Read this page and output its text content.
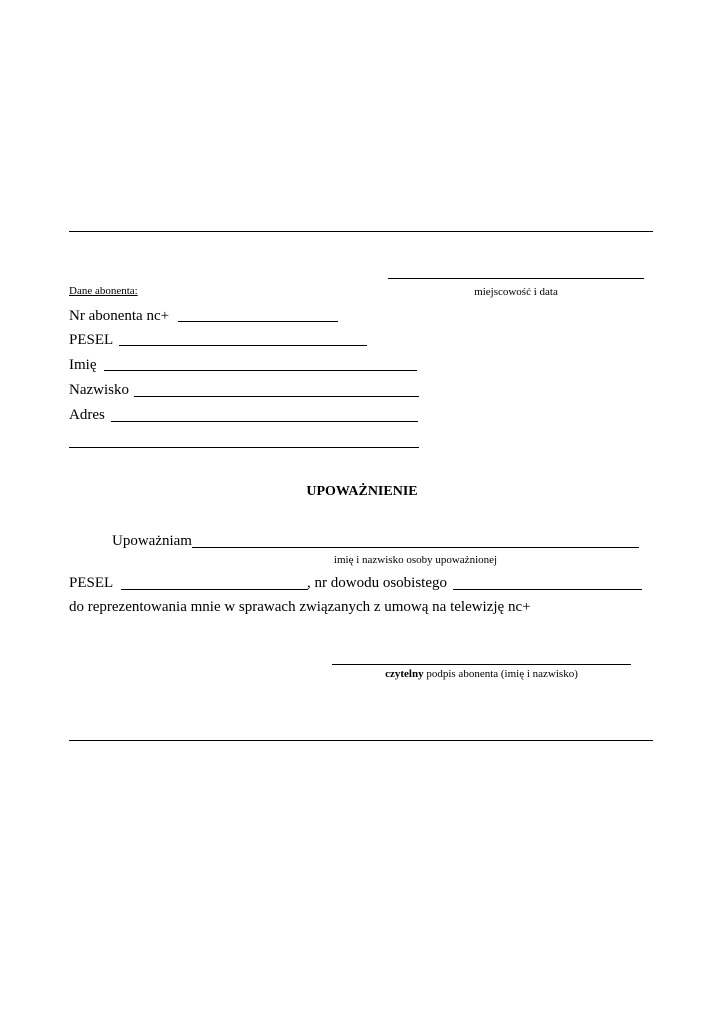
miejscowość i data
Dane abonenta:
Nr abonenta nc+
PESEL
Imię
Nazwisko
Adres
UPOWAŻNIENIE
Upoważniam
imię i nazwisko osoby upoważnionej
PESEL	, nr dowodu osobistego
do reprezentowania mnie w sprawach związanych z umową na telewizję nc+
czytelny podpis abonenta (imię i nazwisko)
